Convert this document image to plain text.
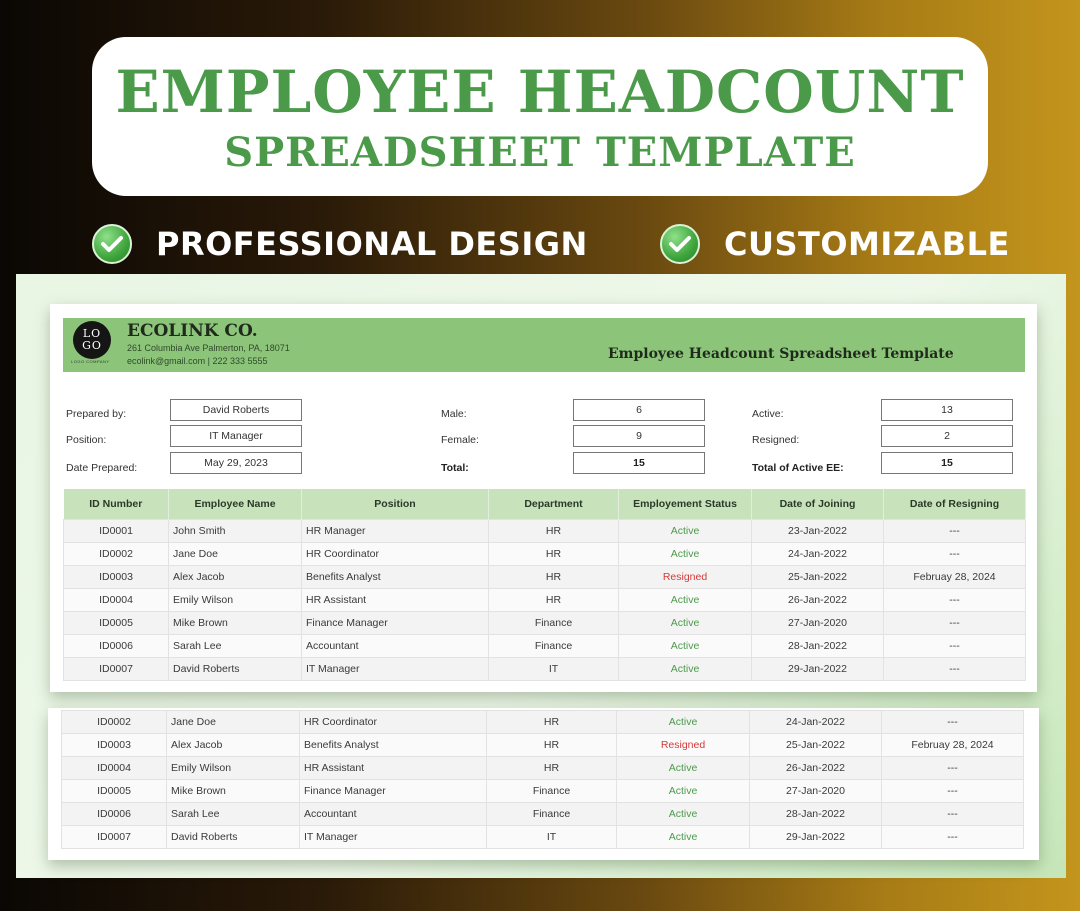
EMPLOYEE HEADCOUNT
SPREADSHEET TEMPLATE
PROFESSIONAL DESIGN	CUSTOMIZABLE
LO
GO
LOGO COMPANY
ECOLINK CO.
261 Columbia Ave Palmerton, PA, 18071
ecolink@gmail.com | 222 333 5555	Employee Headcount Spreadsheet Template
Prepared by:	David Roberts
Position:	IT Manager
Date Prepared:	May 29, 2023
Male:	6
Female:	9
Total:	15
Active:	13
Resigned:	2
Total of Active EE:	15
ID Number	Employee Name	Position	Department	Employement Status	Date of Joining	Date of Resigning
ID0001	John Smith	HR Manager	HR	Active	23-Jan-2022	---
ID0002	Jane Doe	HR Coordinator	HR	Active	24-Jan-2022	---
ID0003	Alex Jacob	Benefits Analyst	HR	Resigned	25-Jan-2022	Februay 28, 2024
ID0004	Emily Wilson	HR Assistant	HR	Active	26-Jan-2022	---
ID0005	Mike Brown	Finance Manager	Finance	Active	27-Jan-2020	---
ID0006	Sarah Lee	Accountant	Finance	Active	28-Jan-2022	---
ID0007	David Roberts	IT Manager	IT	Active	29-Jan-2022	---
ID0002	Jane Doe	HR Coordinator	HR	Active	24-Jan-2022	---
ID0003	Alex Jacob	Benefits Analyst	HR	Resigned	25-Jan-2022	Februay 28, 2024
ID0004	Emily Wilson	HR Assistant	HR	Active	26-Jan-2022	---
ID0005	Mike Brown	Finance Manager	Finance	Active	27-Jan-2020	---
ID0006	Sarah Lee	Accountant	Finance	Active	28-Jan-2022	---
ID0007	David Roberts	IT Manager	IT	Active	29-Jan-2022	---
